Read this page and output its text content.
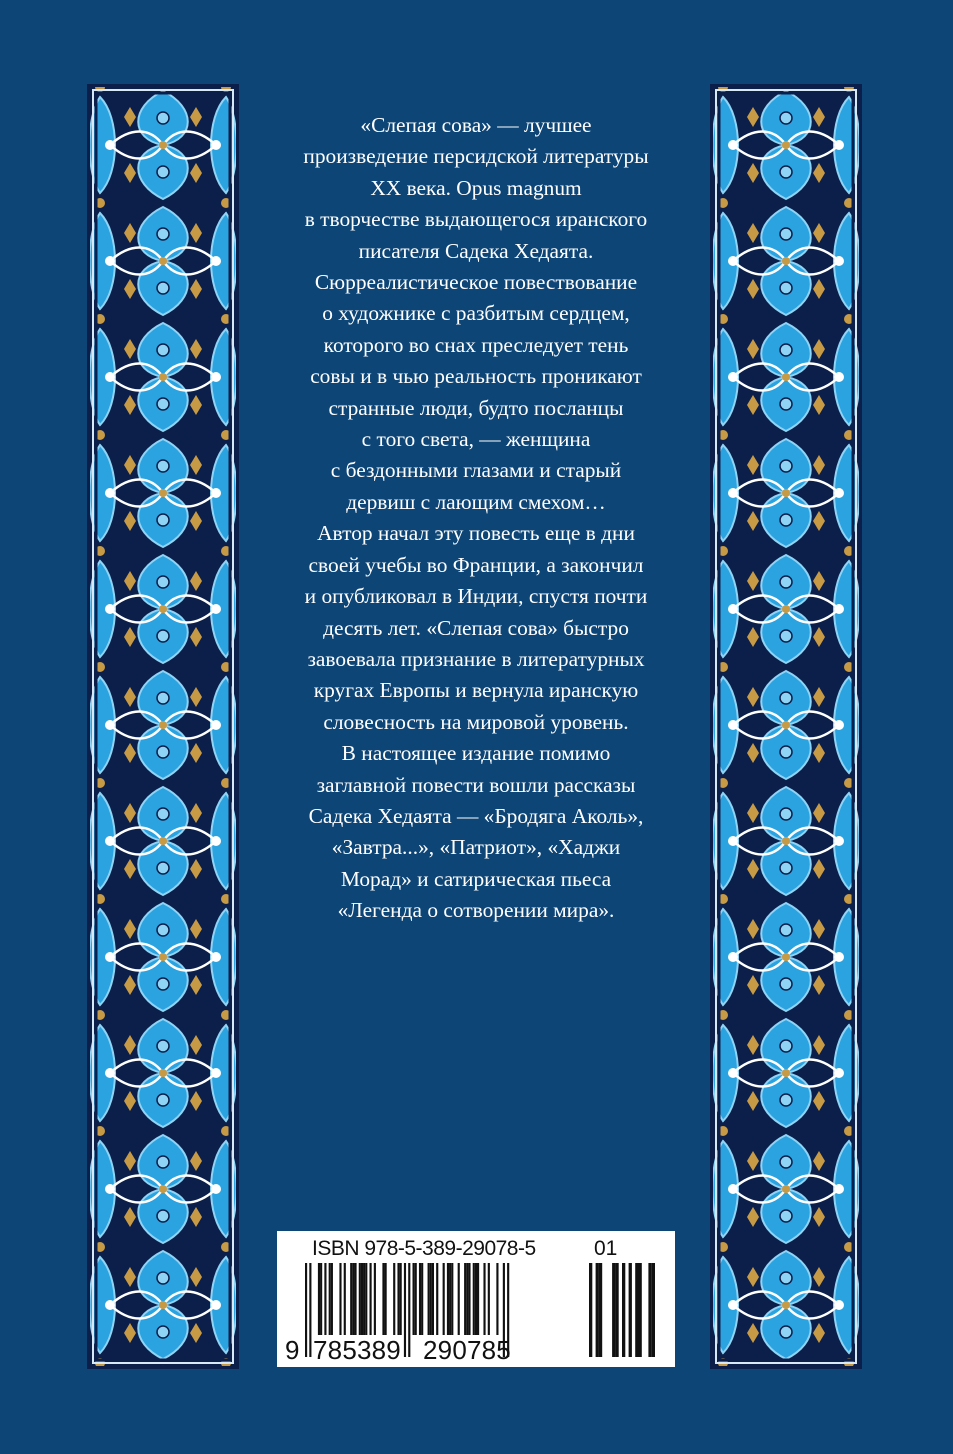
«Слепая сова» — лучшее
произведение персидской литературы
XX века. Opus magnum
в творчестве выдающегося иранского
писателя Садека Хедаята.
Сюрреалистическое повествование
о художнике с разбитым сердцем,
которого во снах преследует тень
совы и в чью реальность проникают
странные люди, будто посланцы
с того света, — женщина
с бездонными глазами и старый
дервиш с лающим смехом…
Автор начал эту повесть еще в дни
своей учебы во Франции, а закончил
и опубликовал в Индии, спустя почти
десять лет. «Слепая сова» быстро
завоевала признание в литературных
кругах Европы и вернула иранскую
словесность на мировой уровень.
В настоящее издание помимо
заглавной повести вошли рассказы
Садека Хедаята — «Бродяга Аколь»,
«Завтра...», «Патриот», «Хаджи
Морад» и сатирическая пьеса
«Легенда о сотворении мира».

ISBN 978-5-389-29078-5	01
9 785389 290785
